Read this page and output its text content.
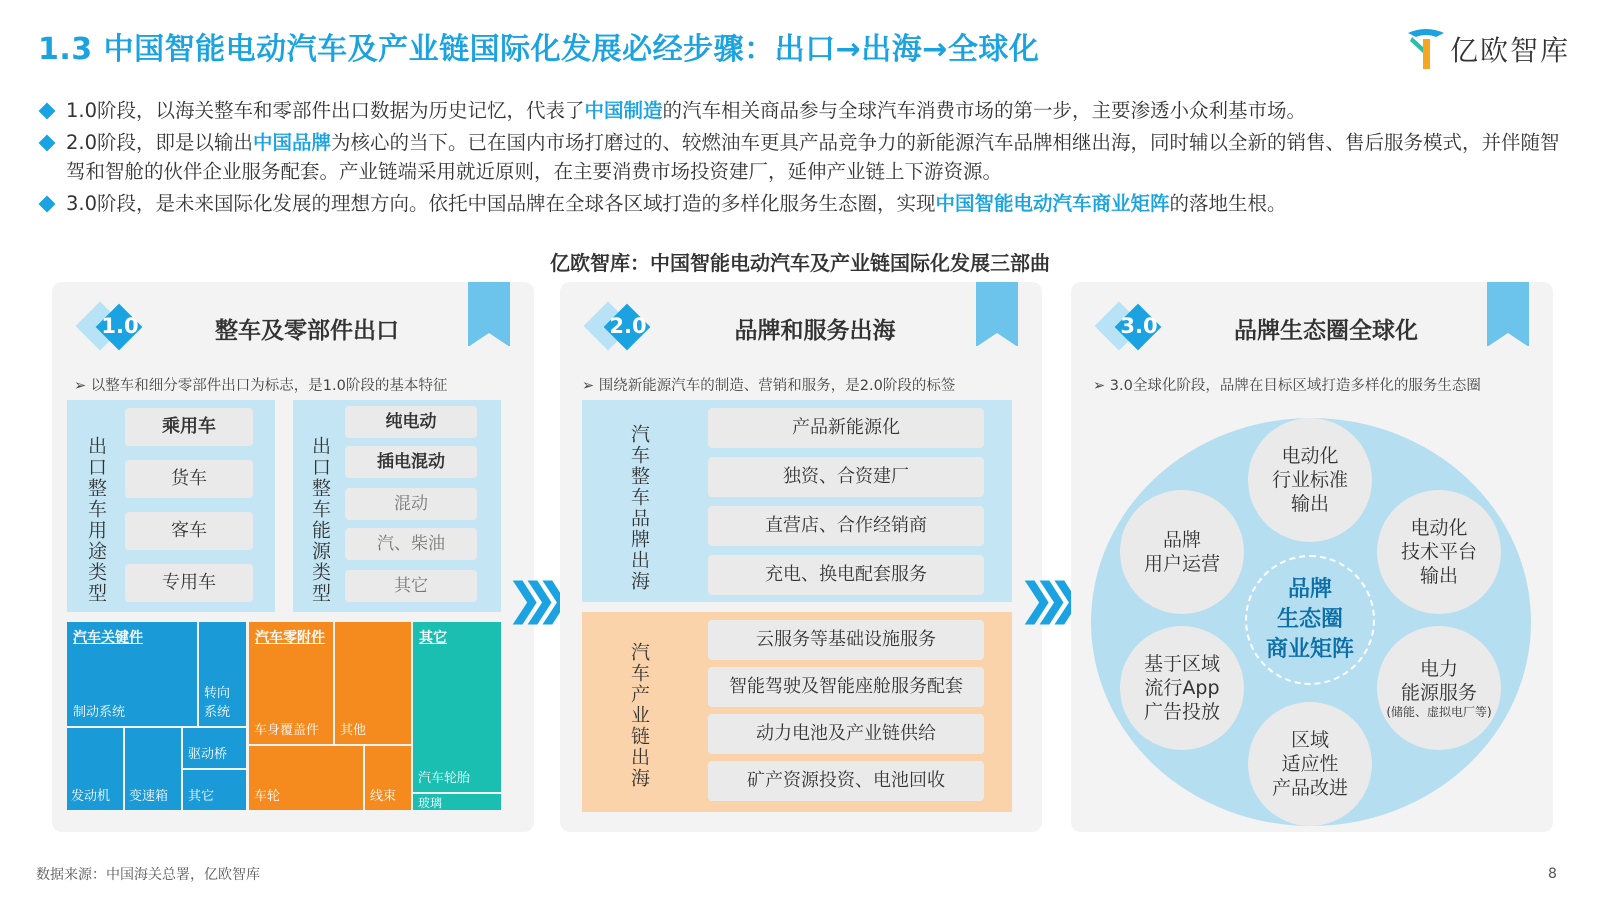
1.3 中国智能电动汽车及产业链国际化发展必经步骤：出口→出海→全球化	亿欧智库
1.0阶段，以海关整车和零部件出口数据为历史记忆，代表了中国制造的汽车相关商品参与全球汽车消费市场的第一步，主要渗透小众利基市场。
2.0阶段，即是以输出中国品牌为核心的当下。已在国内市场打磨过的、较燃油车更具产品竞争力的新能源汽车品牌相继出海，同时辅以全新的销售、售后服务模式，并伴随智驾和智舱的伙伴企业服务配套。产业链端采用就近原则，在主要消费市场投资建厂，延伸产业链上下游资源。
3.0阶段，是未来国际化发展的理想方向。依托中国品牌在全球各区域打造的多样化服务生态圈，实现中国智能电动汽车商业矩阵的落地生根。
亿欧智库：中国智能电动汽车及产业链国际化发展三部曲
1.0	整车及零部件出口
➢ 以整车和细分零部件出口为标志，是1.0阶段的基本特征
出口整车用途类型
乘用车
货车
客车
专用车	出口整车能源类型
纯电动
插电混动
混动
汽、柴油
其它
汽车关键件
制动系统
转向系统
发动机 变速箱
驱动桥
其它
汽车零附件
车身覆盖件 其他
车轮	线束
其它
汽车轮胎
玻璃
❯❯❯
2.0	品牌和服务出海
➢ 围绕新能源汽车的制造、营销和服务，是2.0阶段的标签
汽车整车品牌出海	产品新能源化
独资、合资建厂
直营店、合作经销商
充电、换电配套服务
汽车产业链出海
云服务等基础设施服务
智能驾驶及智能座舱服务配套
动力电池及产业链供给
矿产资源投资、电池回收
❯❯❯
3.0	品牌生态圈全球化
➢ 3.0全球化阶段，品牌在目标区域打造多样化的服务生态圈
品牌
生态圈
商业矩阵
电动化
行业标准
输出
电动化
技术平台
输出
电力
能源服务
(储能、虚拟电厂等)
区域
适应性
产品改进
基于区域
流行App
广告投放
品牌
用户运营
数据来源：中国海关总署，亿欧智库	8
